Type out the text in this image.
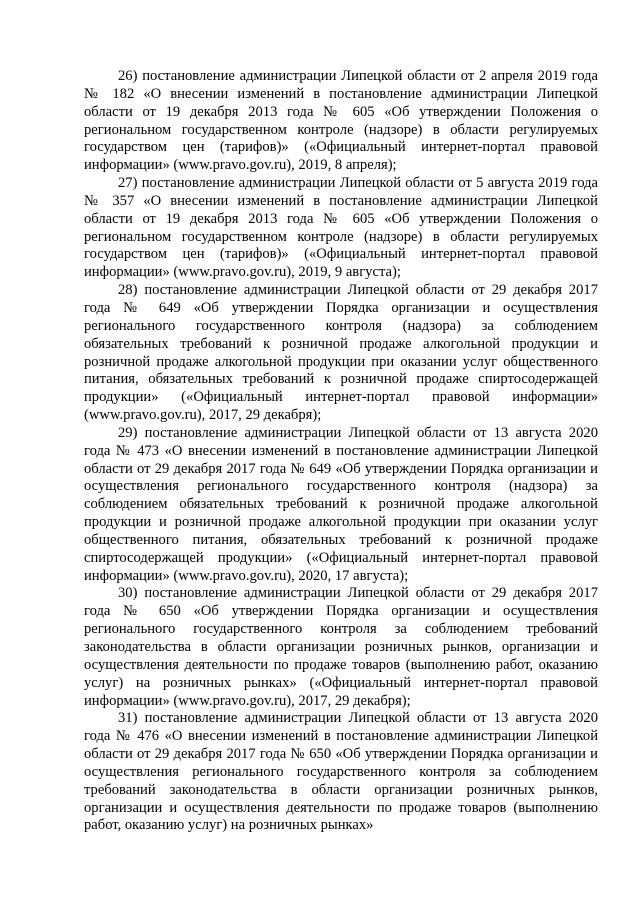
26) постановление администрации Липецкой области от 2 апреля 2019 года № 182 «О внесении изменений в постановление администрации Липецкой области от 19 декабря 2013 года № 605 «Об утверждении Положения о региональном государственном контроле (надзоре) в области регулируемых государством цен (тарифов)» («Официальный интернет-портал правовой информации» (www.pravo.gov.ru), 2019, 8 апреля);

27) постановление администрации Липецкой области от 5 августа 2019 года № 357 «О внесении изменений в постановление администрации Липецкой области от 19 декабря 2013 года № 605 «Об утверждении Положения о региональном государственном контроле (надзоре) в области регулируемых государством цен (тарифов)» («Официальный интернет-портал правовой информации» (www.pravo.gov.ru), 2019, 9 августа);

28) постановление администрации Липецкой области от 29 декабря 2017 года № 649 «Об утверждении Порядка организации и осуществления регионального государственного контроля (надзора) за соблюдением обязательных требований к розничной продаже алкогольной продукции и розничной продаже алкогольной продукции при оказании услуг общественного питания, обязательных требований к розничной продаже спиртосодержащей продукции» («Официальный интернет-портал правовой информации» (www.pravo.gov.ru), 2017, 29 декабря);

29) постановление администрации Липецкой области от 13 августа 2020 года № 473 «О внесении изменений в постановление администрации Липецкой области от 29 декабря 2017 года № 649 «Об утверждении Порядка организации и осуществления регионального государственного контроля (надзора) за соблюдением обязательных требований к розничной продаже алкогольной продукции и розничной продаже алкогольной продукции при оказании услуг общественного питания, обязательных требований к розничной продаже спиртосодержащей продукции» («Официальный интернет-портал правовой информации» (www.pravo.gov.ru), 2020, 17 августа);

30) постановление администрации Липецкой области от 29 декабря 2017 года № 650 «Об утверждении Порядка организации и осуществления регионального государственного контроля за соблюдением требований законодательства в области организации розничных рынков, организации и осуществления деятельности по продаже товаров (выполнению работ, оказанию услуг) на розничных рынках» («Официальный интернет-портал правовой информации» (www.pravo.gov.ru), 2017, 29 декабря);

31) постановление администрации Липецкой области от 13 августа 2020 года № 476 «О внесении изменений в постановление администрации Липецкой области от 29 декабря 2017 года № 650 «Об утверждении Порядка организации и осуществления регионального государственного контроля за соблюдением требований законодательства в области организации розничных рынков, организации и осуществления деятельности по продаже товаров (выполнению работ, оказанию услуг) на розничных рынках»
